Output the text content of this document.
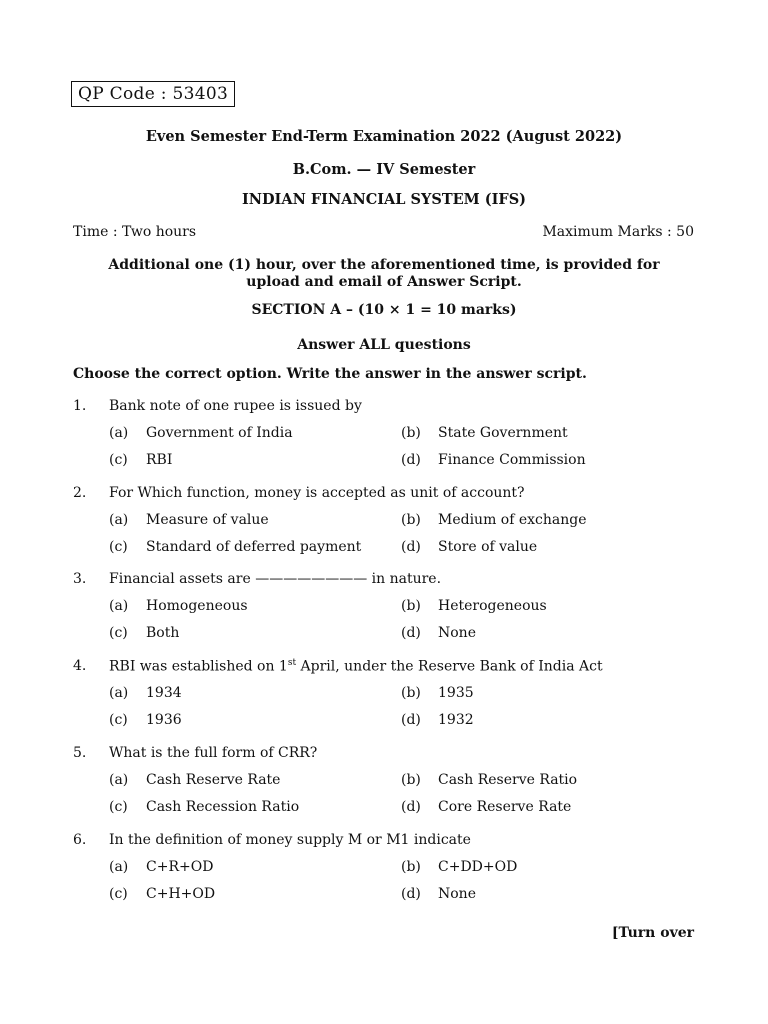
QP Code : 53403
Even Semester End-Term Examination 2022 (August 2022)
B.Com. — IV Semester
INDIAN FINANCIAL SYSTEM (IFS)
Time : Two hours	Maximum Marks : 50
Additional one (1) hour, over the aforementioned time, is provided for
upload and email of Answer Script.
SECTION A – (10 × 1 = 10 marks)
Answer ALL questions
Choose the correct option. Write the answer in the answer script.
1. Bank note of one rupee is issued by
(a) Government of India	(b) State Government
(c) RBI	(d) Finance Commission
2. For Which function, money is accepted as unit of account?
(a) Measure of value	(b) Medium of exchange
(c) Standard of deferred payment	(d) Store of value
3. Financial assets are ———————— in nature.
(a) Homogeneous	(b) Heterogeneous
(c) Both	(d) None
4. RBI was established on 1st April, under the Reserve Bank of India Act
(a) 1934	(b) 1935
(c) 1936	(d) 1932
5. What is the full form of CRR?
(a) Cash Reserve Rate	(b) Cash Reserve Ratio
(c) Cash Recession Ratio	(d) Core Reserve Rate
6. In the definition of money supply M or M1 indicate
(a) C+R+OD	(b) C+DD+OD
(c) C+H+OD	(d) None
[Turn over
